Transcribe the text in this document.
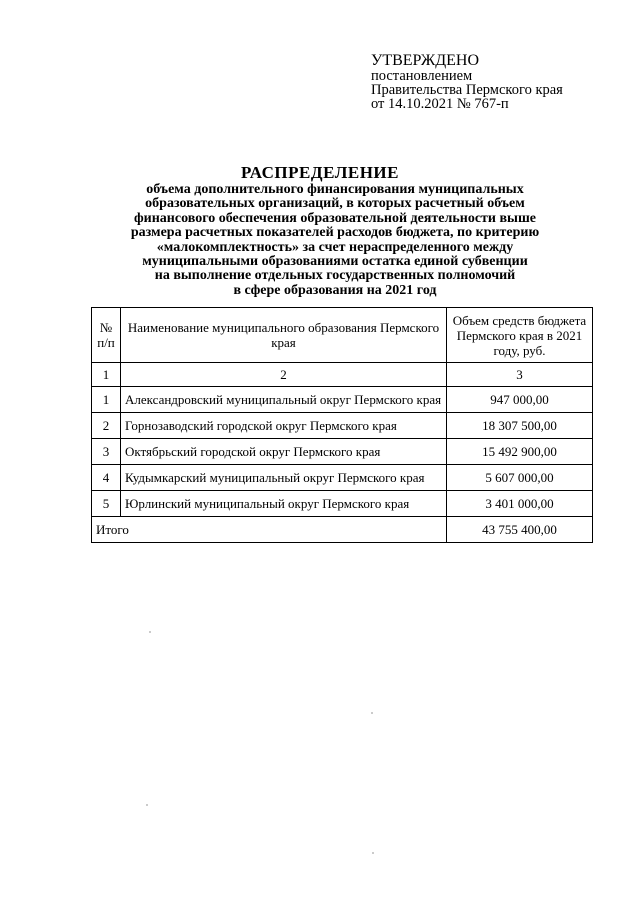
УТВЕРЖДЕНО
постановлением
Правительства Пермского края
от 14.10.2021 № 767-п
РАСПРЕДЕЛЕНИЕ
объема дополнительного финансирования муниципальных
образовательных организаций, в которых расчетный объем
финансового обеспечения образовательной деятельности выше
размера расчетных показателей расходов бюджета, по критерию
«малокомплектность» за счет нераспределенного между
муниципальными образованиями остатка единой субвенции
на выполнение отдельных государственных полномочий
в сфере образования на 2021 год
№ п/п	Наименование муниципального образования Пермского края	Объем средств бюджета Пермского края в 2021 году, руб.
1	2	3
1	Александровский муниципальный округ Пермского края	947 000,00
2	Горнозаводский городской округ Пермского края	18 307 500,00
3	Октябрьский городской округ Пермского края	15 492 900,00
4	Кудымкарский муниципальный округ Пермского края	5 607 000,00
5	Юрлинский муниципальный округ Пермского края	3 401 000,00
Итого		43 755 400,00
